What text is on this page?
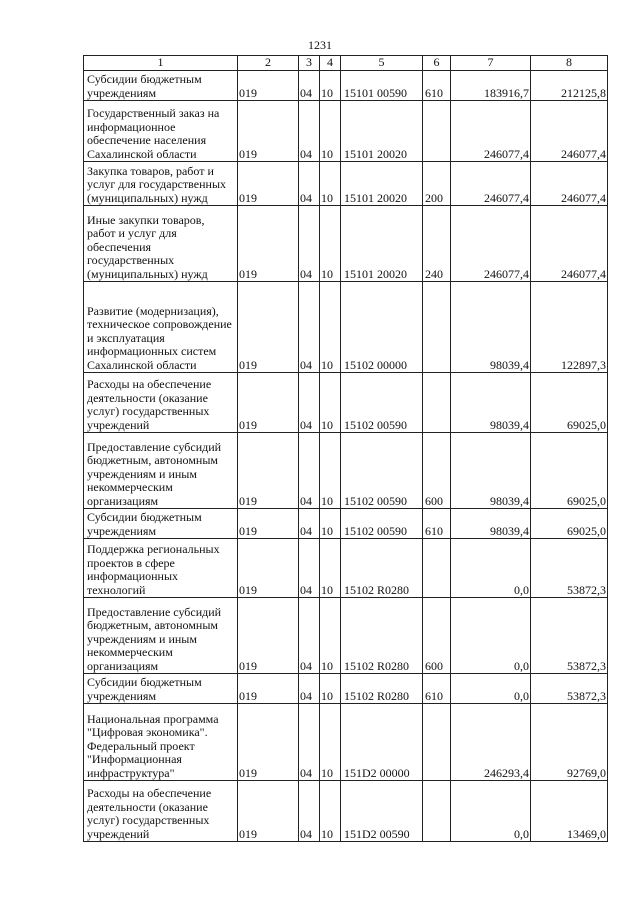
1231
1	2	3	4	5	6	7	8
Субсидии бюджетным учреждениям	019	04	10	15101 00590	610	183916,7	212125,8
Государственный заказ на информационное обеспечение населения Сахалинской области	019	04	10	15101 20020		246077,4	246077,4
Закупка товаров, работ и услуг для государственных (муниципальных) нужд	019	04	10	15101 20020	200	246077,4	246077,4
Иные закупки товаров, работ и услуг для обеспечения государственных (муниципальных) нужд	019	04	10	15101 20020	240	246077,4	246077,4
Развитие (модернизация), техническое сопровождение и эксплуатация информационных систем Сахалинской области	019	04	10	15102 00000		98039,4	122897,3
Расходы на обеспечение деятельности (оказание услуг) государственных учреждений	019	04	10	15102 00590		98039,4	69025,0
Предоставление субсидий бюджетным, автономным учреждениям и иным некоммерческим организациям	019	04	10	15102 00590	600	98039,4	69025,0
Субсидии бюджетным учреждениям	019	04	10	15102 00590	610	98039,4	69025,0
Поддержка региональных проектов в сфере информационных технологий	019	04	10	15102 R0280		0,0	53872,3
Предоставление субсидий бюджетным, автономным учреждениям и иным некоммерческим организациям	019	04	10	15102 R0280	600	0,0	53872,3
Субсидии бюджетным учреждениям	019	04	10	15102 R0280	610	0,0	53872,3
Национальная программа "Цифровая экономика". Федеральный проект "Информационная инфраструктура"	019	04	10	151D2 00000		246293,4	92769,0
Расходы на обеспечение деятельности (оказание услуг) государственных учреждений	019	04	10	151D2 00590		0,0	13469,0
